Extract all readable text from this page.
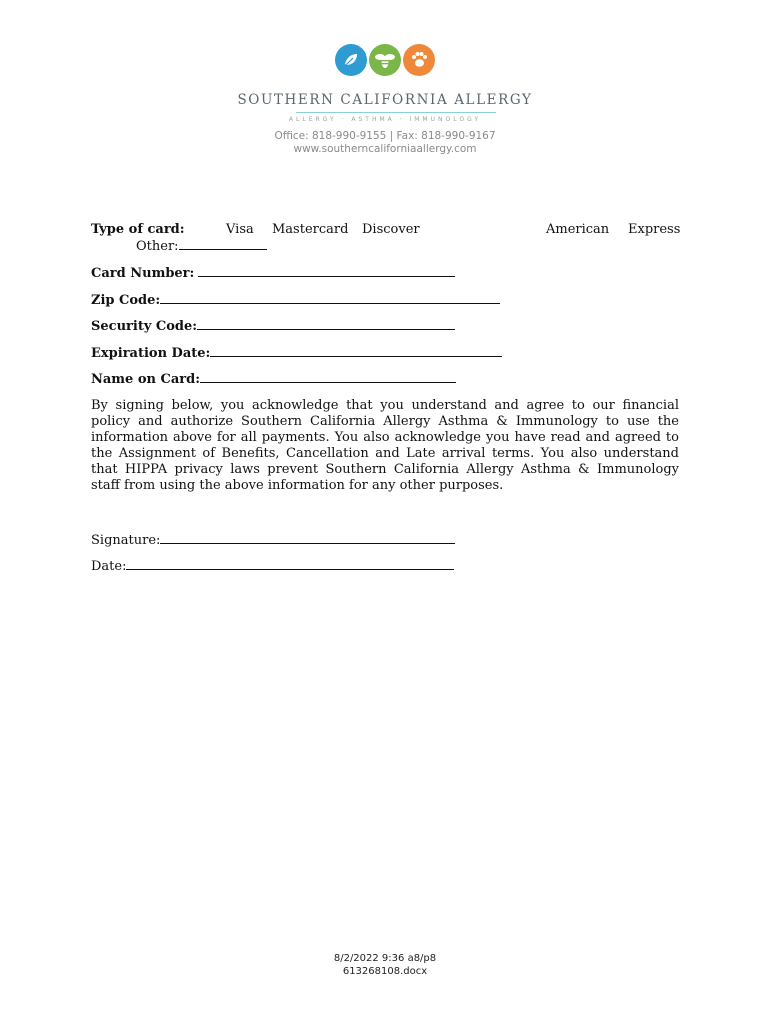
SOUTHERN CALIFORNIA ALLERGY
ALLERGY · ASTHMA · IMMUNOLOGY
Office: 818-990-9155 | Fax: 818-990-9167
www.southerncaliforniaallergy.com
Type of card:	Visa Mastercard Discover	American Express
Other:
Card Number:
Zip Code:
Security Code:
Expiration Date:
Name on Card:
By signing below, you acknowledge that you understand and agree to our financial policy and authorize Southern California Allergy Asthma & Immunology to use the information above for all payments. You also acknowledge you have read and agreed to the Assignment of Benefits, Cancellation and Late arrival terms. You also understand that HIPPA privacy laws prevent Southern California Allergy Asthma & Immunology staff from using the above information for any other purposes.
Signature:
Date:
8/2/2022 9:36 a8/p8
613268108.docx
